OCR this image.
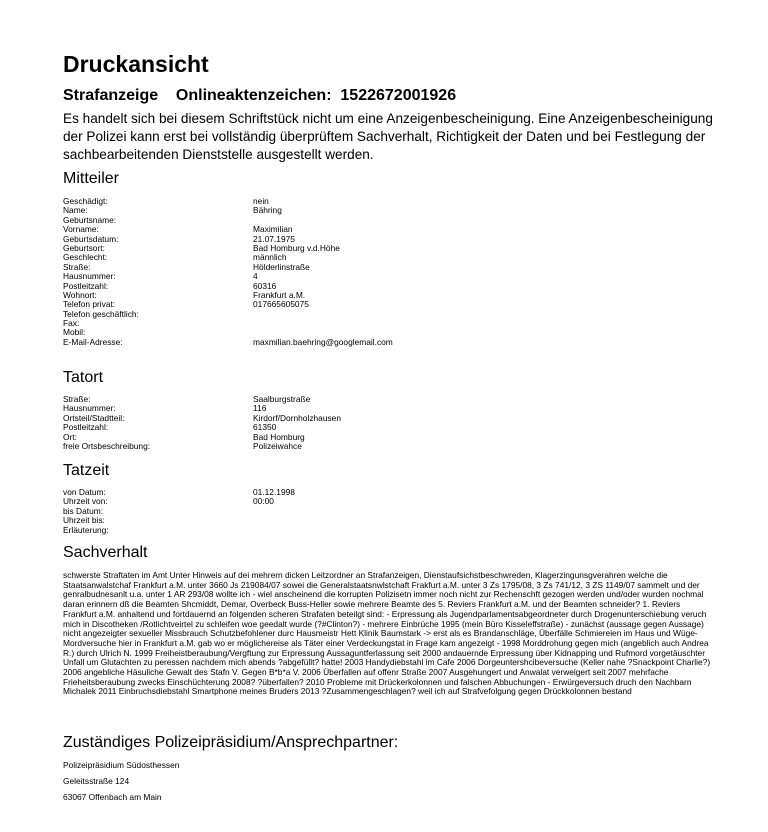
Druckansicht
Strafanzeige    Onlineaktenzeichen:  1522672001926

Es handelt sich bei diesem Schriftstück nicht um eine Anzeigenbescheinigung. Eine Anzeigenbescheinigung der Polizei kann erst bei vollständig überprüftem Sachverhalt, Richtigkeit der Daten und bei Festlegung der sachbearbeitenden Dienststelle ausgestellt werden.

Mitteiler
Geschädigt:	nein
Name:	Bähring
Geburtsname:
Vorname:	Maximilian
Geburtsdatum:	21.07.1975
Geburtsort:	Bad Homburg v.d.Höhe
Geschlecht:	männlich
Straße:	Hölderlinstraße
Hausnummer:	4
Postleitzahl:	60316
Wohnort:	Frankfurt a.M.
Telefon privat:	017665605075
Telefon geschäftlich:
Fax:
Mobil:
E-Mail-Adresse:	maxmilian.baehring@googlemail.com
Tatort
Straße:	Saalburgstraße
Hausnummer:	116
Ortsteil/Stadtteil:	Kirdorf/Dornholzhausen
Postleitzahl:	61350
Ort:	Bad Homburg
freie Ortsbeschreibung:	Polizeiwahce
Tatzeit
von Datum:	01.12.1998
Uhrzeit von:	00:00
bis Datum:
Uhrzeit bis:
Erläuterung:
Sachverhalt

schwerste Straftaten im Amt Unter Hinweis auf dei mehrern dicken Leitzordner an Strafanzeigen, Dienstaufsichstbeschwreden, Klagerzingunsgverahren welche die Staatsanwalstchaf Frankfurt a.M. unter 3660 Js 219084/07 sowei die Generalstaatsnwlstchaft Frakfurt a.M. unter 3 Zs 1795/08, 3 Zs 741/12, 3 ZS 1149/07 sammelt und der genralbudnesanlt u.a. unter 1 AR 293/08 wollte ich - wiel anscheinend die korrupten Polizisetn immer noch nicht zur Rechenschft gezogen werden und/oder wurden nochmal daran erinnern dß die Beamten Shcmiddt, Demar, Overbeck Buss-Heller sowie mehrere Beamte des 5. Reviers Frankfurt a.M. und der Beamten schneider? 1. Reviers Frankfurt a.M. anhaltend und fortdauernd an folgenden scheren Strafaten beteilgt sind: - Erpressung als Jugendparlamentsabgeordneter durch Drogenunterschiebung veruch mich in Discotheken /Rotlichtveirtel zu schleifen woe geedalt wurde (?#Clinton?) - mehrere Einbrüche 1995 (mein Büro Kisseleffstraße) - zunächst (aussage gegen Aussage) nicht angezeigter sexueller Missbrauch Schutzbefohlener durc Hausmeistr Hett Klinik Baumstark -> erst als es Brandanschläge, Überfälle Schmiereien im Haus und Wüge-Mordversuche hier in Frankfurt a.M. gab wo er möglichereise als Täter einer Verdeckungstat in Frage kam angezeigt - 1998 Morddrohung gegen mich (angeblich auch Andrea R.) durch Ulrich N. 1999 Freiheistberaubung/Vergftung zur Erpressung Aussaguntferlassung seit 2000 andauernde Erpressung über Kidnapping und Rufmord vorgetäuschter Unfall um Glutachten zu peressen nachdem mich abends ?abgefüllt? hatte! 2003 Handydiebstahl im Cafe 2006 Dorgeuntershcibeversuche (Keller nahe ?Snackpoint Charlie?) 2006 angebliche Häsuliche Gewalt des Stafn V. Gegen B*b*a V. 2006 Überfallen auf offenr Straße 2007 Ausgehungert und Anwalat verweigert seit 2007 mehrfache Frieheitsberaubung zwecks Einschüchterung 2008? ?überfallen? 2010 Probleme mit Drückerkolonnen und falschen Abbuchungen - Erwürgeversuch druch den Nachbarn Michalek 2011 Einbruchsdiebstahl Smartphone meines Bruders 2013 ?Zusammengeschlagen? weil ich auf Strafvefolgung gegen Drückkolonnen bestand

Zuständiges Polizeipräsidium/Ansprechpartner:
Polizeipräsidium Südosthessen
Geleitsstraße 124
63067 Offenbach am Main
